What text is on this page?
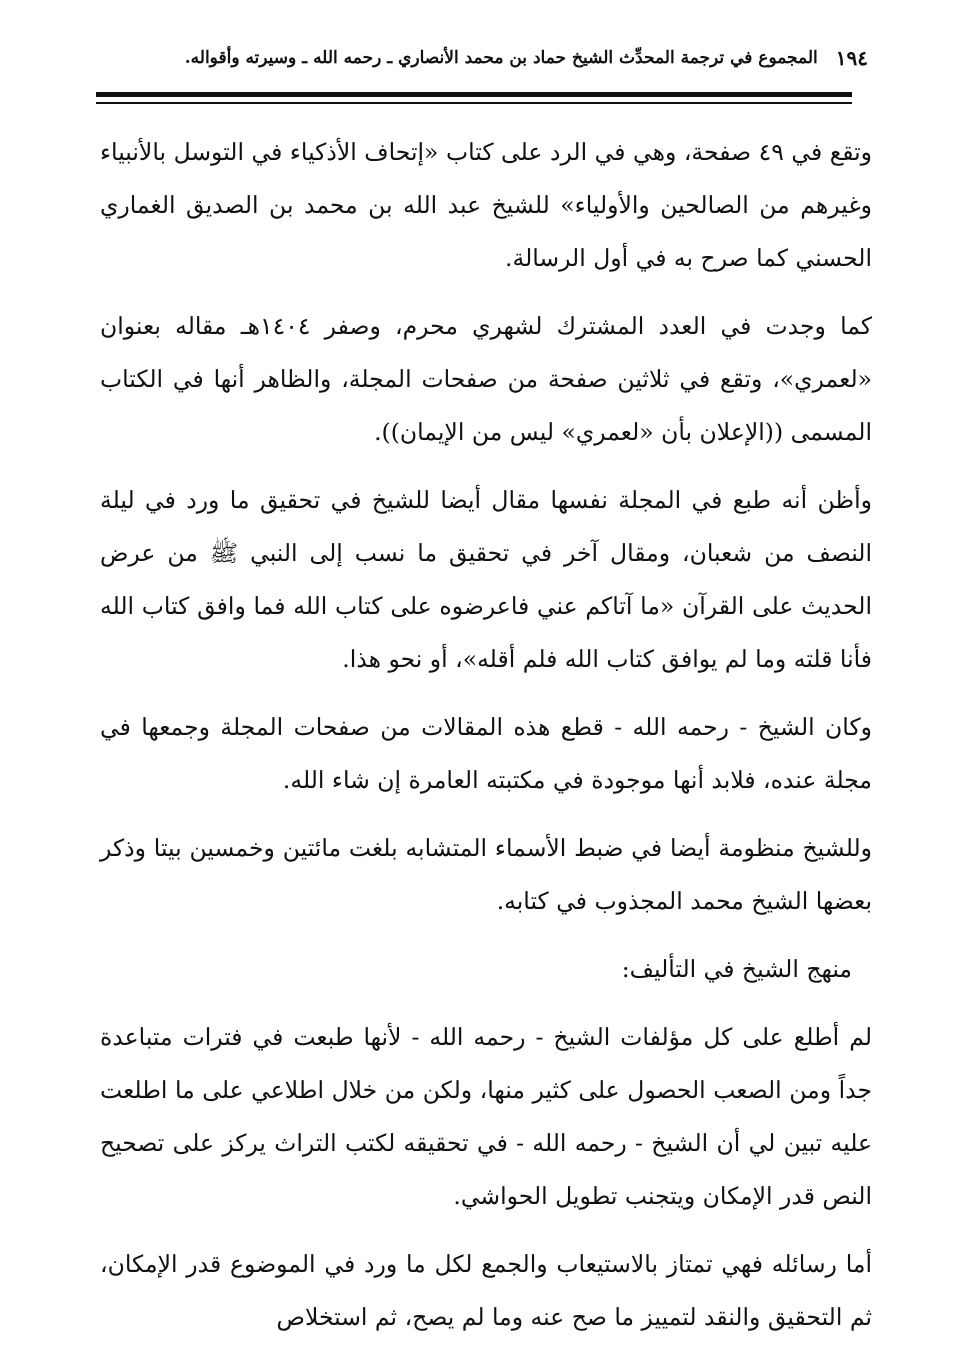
١٩٤
المجموع في ترجمة المحدِّث الشيخ حماد بن محمد الأنصاري ـ رحمه الله ـ وسيرته وأقواله.

وتقع في ٤٩ صفحة، وهي في الرد على كتاب «إتحاف الأذكياء في التوسل بالأنبياء وغيرهم من الصالحين والأولياء» للشيخ عبد الله بن محمد بن الصديق الغماري الحسني كما صرح به في أول الرسالة.

كما وجدت في العدد المشترك لشهري محرم، وصفر ١٤٠٤هـ مقاله بعنوان «لعمري»، وتقع في ثلاثين صفحة من صفحات المجلة، والظاهر أنها في الكتاب المسمى ((الإعلان بأن «لعمري» ليس من الإيمان)).

وأظن أنه طبع في المجلة نفسها مقال أيضا للشيخ في تحقيق ما ورد في ليلة النصف من شعبان، ومقال آخر في تحقيق ما نسب إلى النبي ﷺ من عرض الحديث على القرآن «ما آتاكم عني فاعرضوه على كتاب الله فما وافق كتاب الله فأنا قلته وما لم يوافق كتاب الله فلم أقله»، أو نحو هذا.

وكان الشيخ - رحمه الله - قطع هذه المقالات من صفحات المجلة وجمعها في مجلة عنده، فلابد أنها موجودة في مكتبته العامرة إن شاء الله.

وللشيخ منظومة أيضا في ضبط الأسماء المتشابه بلغت مائتين وخمسين بيتا وذكر بعضها الشيخ محمد المجذوب في كتابه.

منهج الشيخ في التأليف:

لم أطلع على كل مؤلفات الشيخ - رحمه الله - لأنها طبعت في فترات متباعدة جداً ومن الصعب الحصول على كثير منها، ولكن من خلال اطلاعي على ما اطلعت عليه تبين لي أن الشيخ - رحمه الله - في تحقيقه لكتب التراث يركز على تصحيح النص قدر الإمكان ويتجنب تطويل الحواشي.

أما رسائله فهي تمتاز بالاستيعاب والجمع لكل ما ورد في الموضوع قدر الإمكان، ثم التحقيق والنقد لتمييز ما صح عنه وما لم يصح، ثم استخلاص
